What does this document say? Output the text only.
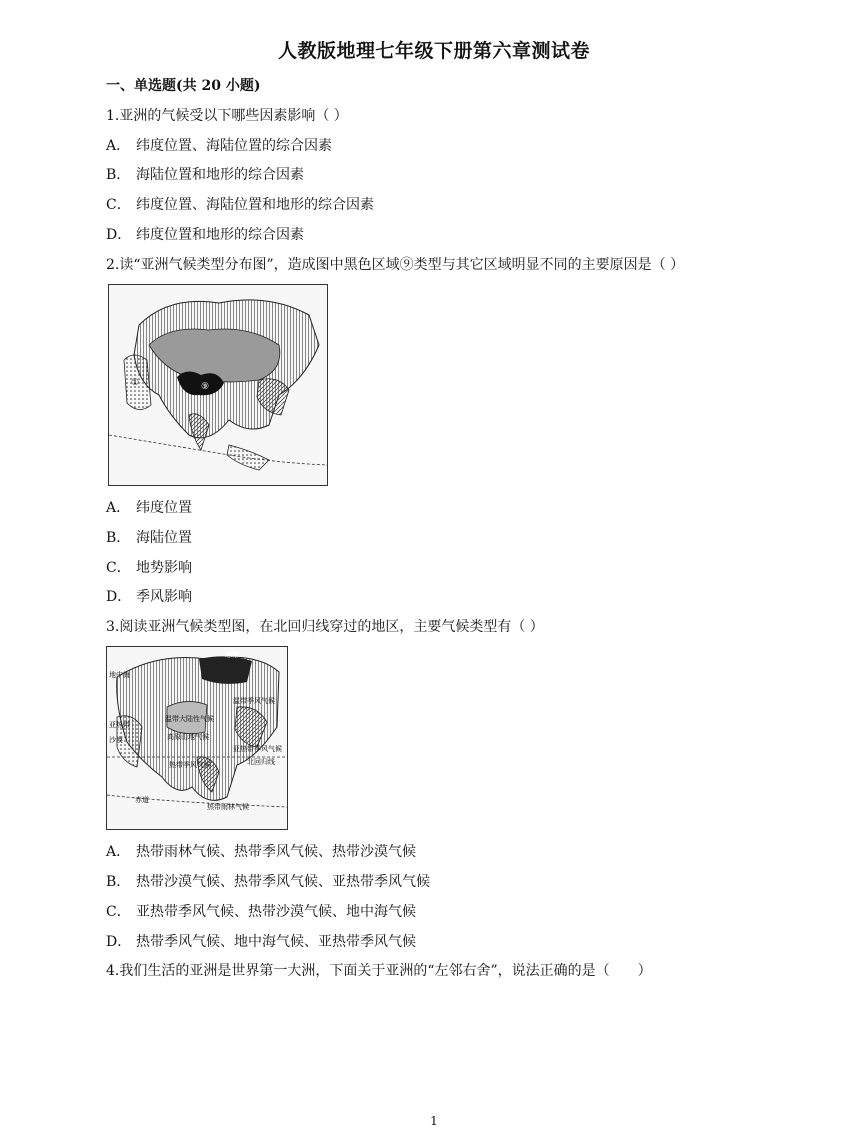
人教版地理七年级下册第六章测试卷
一、单选题(共 20 小题)
1.亚洲的气候受以下哪些因素影响（ ）
A． 纬度位置、海陆位置的综合因素
B． 海陆位置和地形的综合因素
C． 纬度位置、海陆位置和地形的综合因素
D． 纬度位置和地形的综合因素
2.读“亚洲气候类型分布图”，造成图中黑色区域⑨类型与其它区域明显不同的主要原因是（ ）
①	⑨
A． 纬度位置
B． 海陆位置
C． 地势影响
D． 季风影响
3.阅读亚洲气候类型图，在北回归线穿过的地区，主要气候类型有（ ）
寒带
温带大陆性气候
温带季风气候
高原山地气候
亚热带季风气候
北回归线
热带季风气候
地中海
亚热带
沙漠
赤道
热带雨林气候
A． 热带雨林气候、热带季风气候、热带沙漠气候
B． 热带沙漠气候、热带季风气候、亚热带季风气候
C． 亚热带季风气候、热带沙漠气候、地中海气候
D． 热带季风气候、地中海气候、亚热带季风气候
4.我们生活的亚洲是世界第一大洲，下面关于亚洲的“左邻右舍”，说法正确的是（　　）
1
